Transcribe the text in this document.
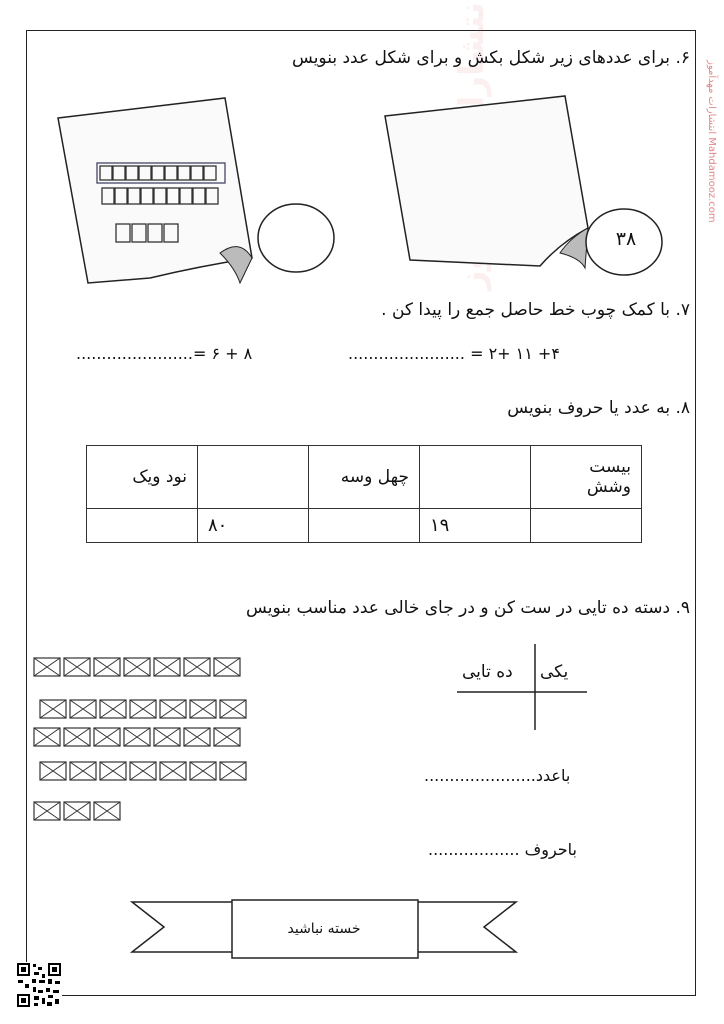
انتشارات مهدآموز Mahdamooz.com
۶. برای عددهای زیر شکل بکش و برای شکل عدد بنویس
۳۸
۷. با کمک چوب خط حاصل جمع را پیدا کن .
۴+ ۱۱ +۲ = .......................
۸ + ۶ =.......................
۸. به عدد یا حروف بنویس
بیست وشش		چهل وسه		نود ویک
	۱۹		۸۰	
۹. دسته ده تایی در ست کن و در جای خالی عدد مناسب بنویس
یکی
ده تایی
باعدد......................
باحروف ..................
خسته نباشید
